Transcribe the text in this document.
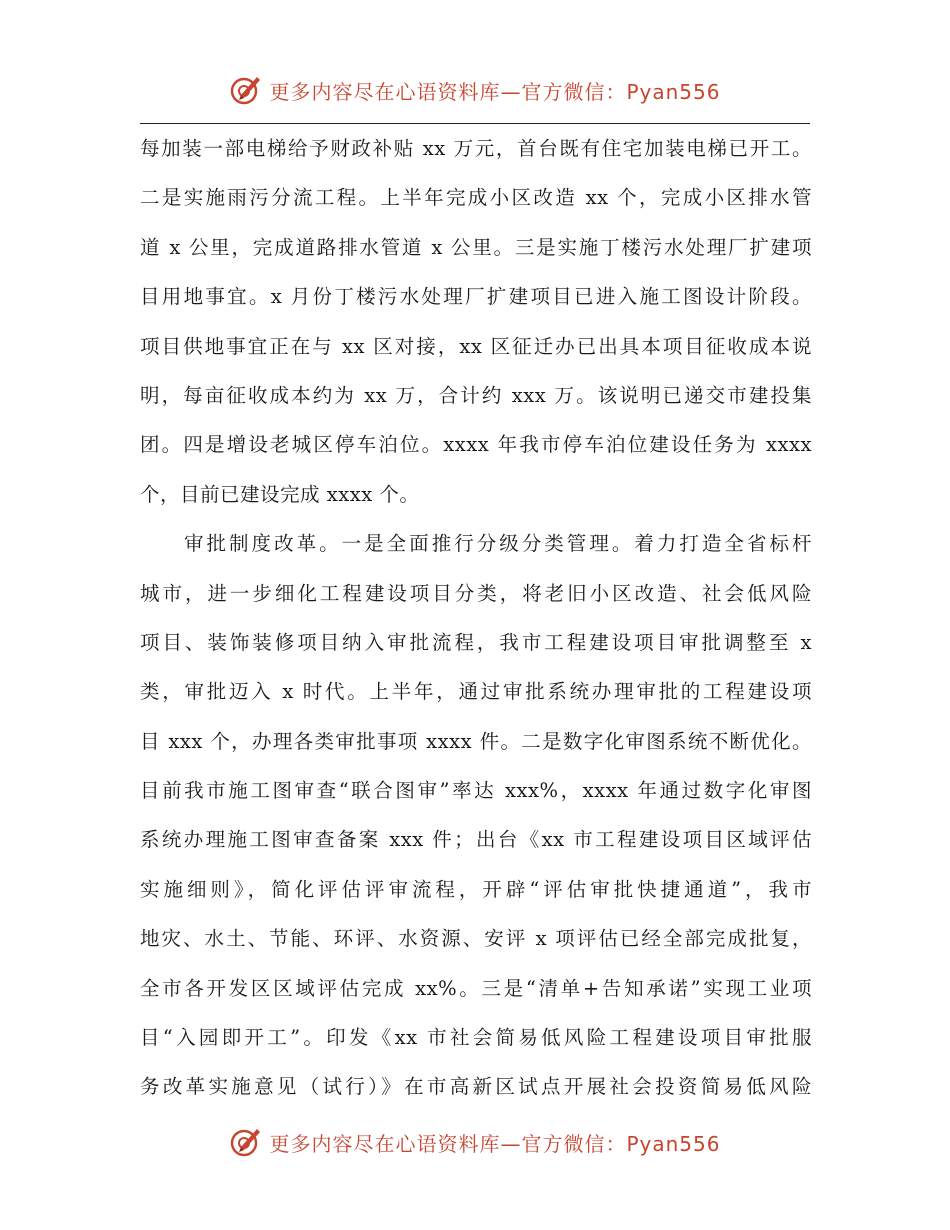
更多内容尽在心语资料库—官方微信：Pyan556
每加装一部电梯给予财政补贴 xx 万元，首台既有住宅加装电梯已开工。
二是实施雨污分流工程。上半年完成小区改造 xx 个，完成小区排水管
道 x 公里，完成道路排水管道 x 公里。三是实施丁楼污水处理厂扩建项
目用地事宜。x 月份丁楼污水处理厂扩建项目已进入施工图设计阶段。
项目供地事宜正在与 xx 区对接，xx 区征迁办已出具本项目征收成本说
明，每亩征收成本约为 xx 万，合计约 xxx 万。该说明已递交市建投集
团。四是增设老城区停车泊位。xxxx 年我市停车泊位建设任务为 xxxx
个，目前已建设完成 xxxx 个。
审批制度改革。一是全面推行分级分类管理。着力打造全省标杆
城市，进一步细化工程建设项目分类，将老旧小区改造、社会低风险
项目、装饰装修项目纳入审批流程，我市工程建设项目审批调整至 x
类，审批迈入 x 时代。上半年，通过审批系统办理审批的工程建设项
目 xxx 个，办理各类审批事项 xxxx 件。二是数字化审图系统不断优化。
目前我市施工图审查“联合图审”率达 xxx%，xxxx 年通过数字化审图
系统办理施工图审查备案 xxx 件；出台《xx 市工程建设项目区域评估
实施细则》，简化评估评审流程，开辟“评估审批快捷通道”，我市
地灾、水土、节能、环评、水资源、安评 x 项评估已经全部完成批复，
全市各开发区区域评估完成 xx%。三是“清单+告知承诺”实现工业项
目“入园即开工”。印发《xx 市社会简易低风险工程建设项目审批服
务改革实施意见（试行）》在市高新区试点开展社会投资简易低风险
更多内容尽在心语资料库—官方微信：Pyan556
